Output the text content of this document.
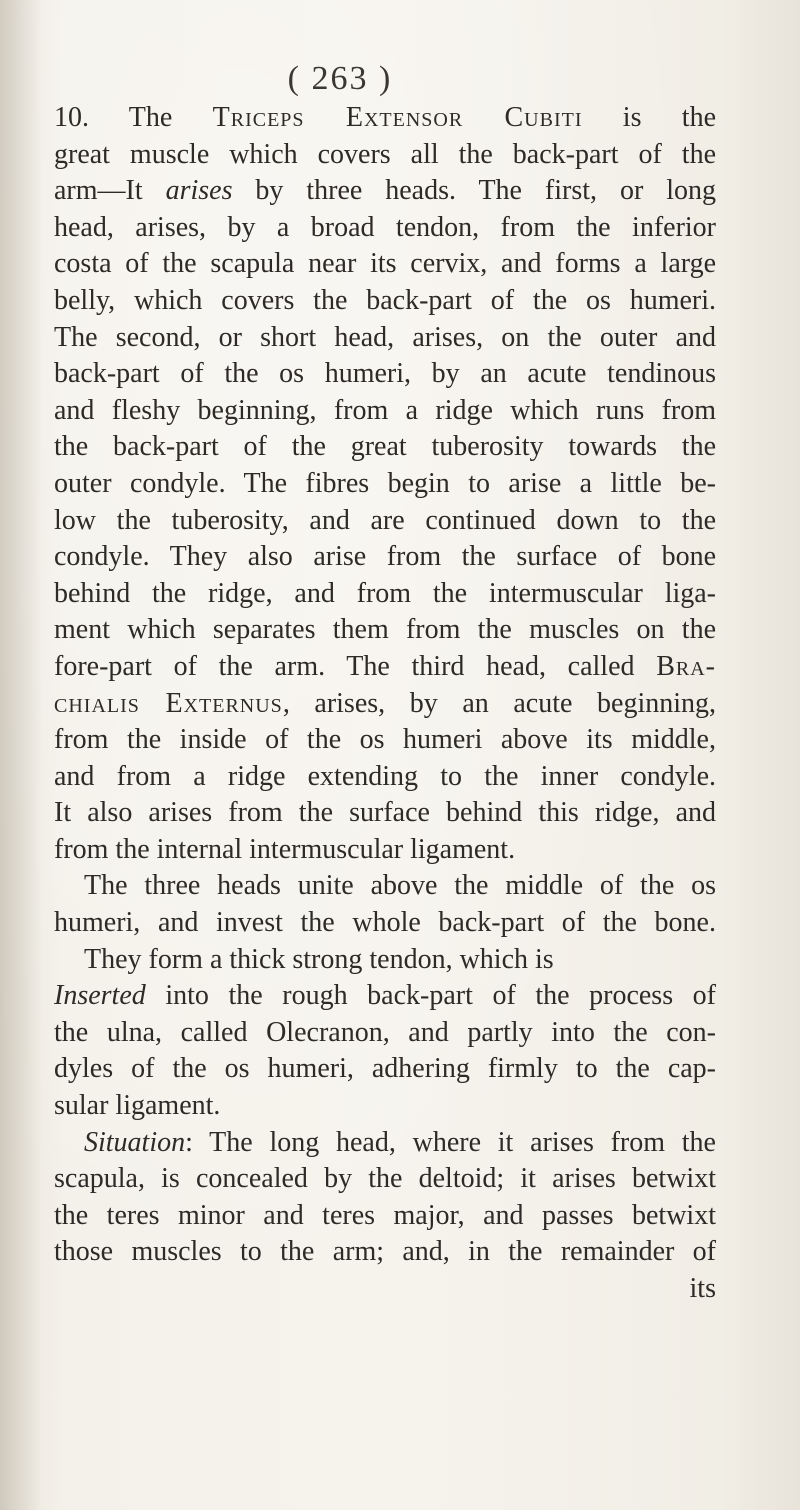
( 263 )
10. The Triceps Extensor Cubiti is the
great muscle which covers all the back-part of the
arm—It arises by three heads. The first, or long
head, arises, by a broad tendon, from the inferior
costa of the scapula near its cervix, and forms a large
belly, which covers the back-part of the os humeri.
The second, or short head, arises, on the outer and
back-part of the os humeri, by an acute tendinous
and fleshy beginning, from a ridge which runs from
the back-part of the great tuberosity towards the
outer condyle. The fibres begin to arise a little be-
low the tuberosity, and are continued down to the
condyle. They also arise from the surface of bone
behind the ridge, and from the intermuscular liga-
ment which separates them from the muscles on the
fore-part of the arm. The third head, called Bra-
chialis Externus, arises, by an acute beginning,
from the inside of the os humeri above its middle,
and from a ridge extending to the inner condyle.
It also arises from the surface behind this ridge, and
from the internal intermuscular ligament.
The three heads unite above the middle of the os
humeri, and invest the whole back-part of the bone.
They form a thick strong tendon, which is
Inserted into the rough back-part of the process of
the ulna, called Olecranon, and partly into the con-
dyles of the os humeri, adhering firmly to the cap-
sular ligament.
Situation: The long head, where it arises from the
scapula, is concealed by the deltoid; it arises betwixt
the teres minor and teres major, and passes betwixt
those muscles to the arm; and, in the remainder of
its
